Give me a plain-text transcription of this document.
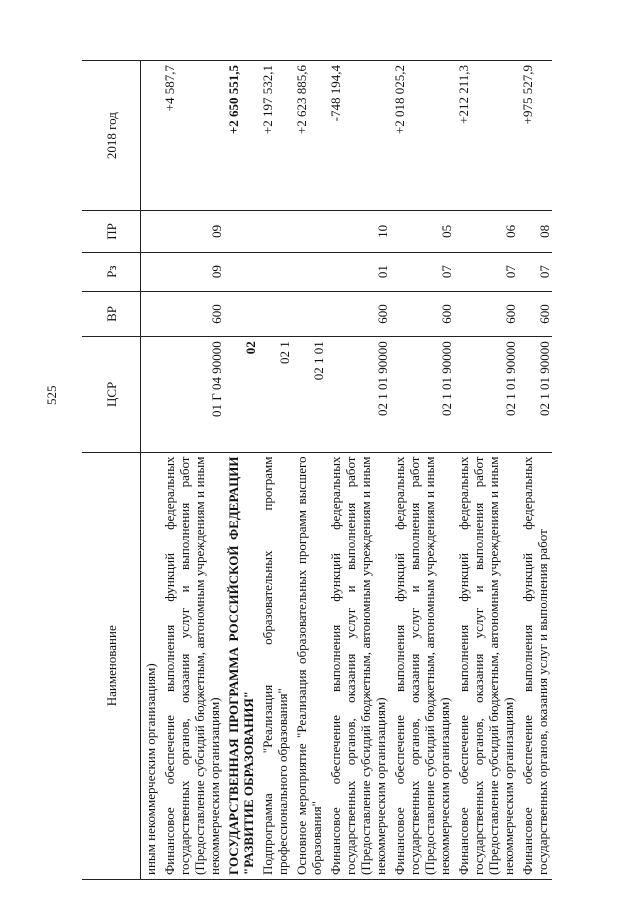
525
Наименование	ЦСР	ВР	Рз	ПР	2018 год

иным некоммерческим организациям)					

Финансовое обеспечение выполнения функций федеральных государственных органов, оказания услуг и выполнения работ (Предоставление субсидий бюджетным, автономным учреждениям и иным некоммерческим организациям)	01 Г 04 90000	600	09	09	+4 587,7

ГОСУДАРСТВЕННАЯ ПРОГРАММА РОССИЙСКОЙ ФЕДЕРАЦИИ "РАЗВИТИЕ ОБРАЗОВАНИЯ"	02				+2 650 551,5

Подпрограмма "Реализация образовательных программ профессионального образования"	02 1				+2 197 532,1

Основное мероприятие "Реализация образовательных программ высшего образования"	02 1 01				+2 623 885,6

Финансовое обеспечение выполнения функций федеральных государственных органов, оказания услуг и выполнения работ (Предоставление субсидий бюджетным, автономным учреждениям и иным некоммерческим организациям)	02 1 01 90000	600	01	10	-748 194,4

Финансовое обеспечение выполнения функций федеральных государственных органов, оказания услуг и выполнения работ (Предоставление субсидий бюджетным, автономным учреждениям и иным некоммерческим организациям)	02 1 01 90000	600	07	05	+2 018 025,2

Финансовое обеспечение выполнения функций федеральных государственных органов, оказания услуг и выполнения работ (Предоставление субсидий бюджетным, автономным учреждениям и иным некоммерческим организациям)	02 1 01 90000	600	07	06	+212 211,3

Финансовое обеспечение выполнения функций федеральных государственных органов, оказания услуг и выполнения работ	02 1 01 90000	600	07	08	+975 527,9
